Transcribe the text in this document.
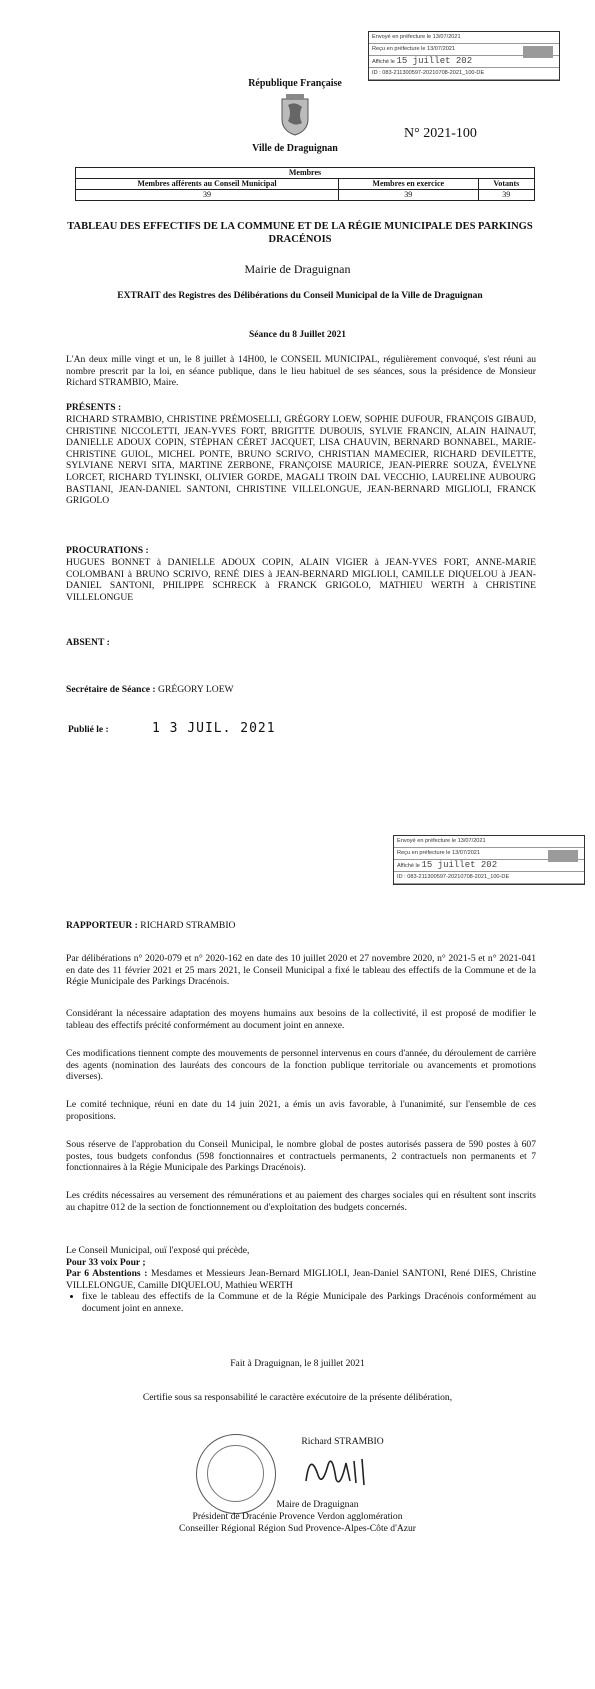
Envoyé en préfecture le 13/07/2021
Reçu en préfecture le 13/07/2021
Affiché le 15 juillet 202
ID : 083-211300597-20210708-2021_100-DE
République Française
Ville de Draguignan
N° 2021-100
Membres		
Membres afférents au Conseil Municipal	Membres en exercice	Votants
39	39	39
TABLEAU DES EFFECTIFS DE LA COMMUNE ET DE LA RÉGIE MUNICIPALE DES PARKINGS DRACÉNOIS
Mairie de Draguignan
EXTRAIT des Registres des Délibérations du Conseil Municipal de la Ville de Draguignan
Séance du 8 Juillet 2021
L'An deux mille vingt et un, le 8 juillet à 14H00, le CONSEIL MUNICIPAL, régulièrement convoqué, s'est réuni au nombre prescrit par la loi, en séance publique, dans le lieu habituel de ses séances, sous la présidence de Monsieur Richard STRAMBIO, Maire.
PRÉSENTS :
RICHARD STRAMBIO, CHRISTINE PRÉMOSELLI, GRÉGORY LOEW, SOPHIE DUFOUR, FRANÇOIS GIBAUD, CHRISTINE NICCOLETTI, JEAN-YVES FORT, BRIGITTE DUBOUIS, SYLVIE FRANCIN, ALAIN HAINAUT, DANIELLE ADOUX COPIN, STÉPHAN CÉRET JACQUET, LISA CHAUVIN, BERNARD BONNABEL, MARIE-CHRISTINE GUIOL, MICHEL PONTE, BRUNO SCRIVO, CHRISTIAN MAMECIER, RICHARD DEVILETTE, SYLVIANE NERVI SITA, MARTINE ZERBONE, FRANÇOISE MAURICE, JEAN-PIERRE SOUZA, ÉVELYNE LORCET, RICHARD TYLINSKI, OLIVIER GORDE, MAGALI TROIN DAL VECCHIO, LAURELINE AUBOURG BASTIANI, JEAN-DANIEL SANTONI, CHRISTINE VILLELONGUE, JEAN-BERNARD MIGLIOLI, FRANCK GRIGOLO
PROCURATIONS :
HUGUES BONNET à DANIELLE ADOUX COPIN, ALAIN VIGIER à JEAN-YVES FORT, ANNE-MARIE COLOMBANI à BRUNO SCRIVO, RENÉ DIES à JEAN-BERNARD MIGLIOLI, CAMILLE DIQUELOU à JEAN-DANIEL SANTONI, PHILIPPE SCHRECK à FRANCK GRIGOLO, MATHIEU WERTH à CHRISTINE VILLELONGUE
ABSENT :
Secrétaire de Séance : GRÉGORY LOEW
Publié le :	1 3 JUIL. 2021
Envoyé en préfecture le 13/07/2021
Reçu en préfecture le 13/07/2021
Affiché le 15 juillet 202
ID : 083-211300597-20210708-2021_100-DE
RAPPORTEUR : RICHARD STRAMBIO
Par délibérations n° 2020-079 et n° 2020-162 en date des 10 juillet 2020 et 27 novembre 2020, n° 2021-5 et n° 2021-041 en date des 11 février 2021 et 25 mars 2021, le Conseil Municipal a fixé le tableau des effectifs de la Commune et de la Régie Municipale des Parkings Dracénois.
Considérant la nécessaire adaptation des moyens humains aux besoins de la collectivité, il est proposé de modifier le tableau des effectifs précité conformément au document joint en annexe.
Ces modifications tiennent compte des mouvements de personnel intervenus en cours d'année, du déroulement de carrière des agents (nomination des lauréats des concours de la fonction publique territoriale ou avancements et promotions diverses).
Le comité technique, réuni en date du 14 juin 2021, a émis un avis favorable, à l'unanimité, sur l'ensemble de ces propositions.
Sous réserve de l'approbation du Conseil Municipal, le nombre global de postes autorisés passera de 590 postes à 607 postes, tous budgets confondus (598 fonctionnaires et contractuels permanents, 2 contractuels non permanents et 7 fonctionnaires à la Régie Municipale des Parkings Dracénois).
Les crédits nécessaires au versement des rémunérations et au paiement des charges sociales qui en résultent sont inscrits au chapitre 012 de la section de fonctionnement ou d'exploitation des budgets concernés.
Le Conseil Municipal, ouï l'exposé qui précède,
Pour 33 voix Pour ;
Par 6 Abstentions : Mesdames et Messieurs Jean-Bernard MIGLIOLI, Jean-Daniel SANTONI, René DIES, Christine VILLELONGUE, Camille DIQUELOU, Mathieu WERTH
• fixe le tableau des effectifs de la Commune et de la Régie Municipale des Parkings Dracénois conformément au document joint en annexe.
Fait à Draguignan, le 8 juillet 2021
Certifie sous sa responsabilité le caractère exécutoire de la présente délibération,
Richard STRAMBIO
Maire de Draguignan
Président de Dracénie Provence Verdon agglomération
Conseiller Régional Région Sud Provence-Alpes-Côte d'Azur
